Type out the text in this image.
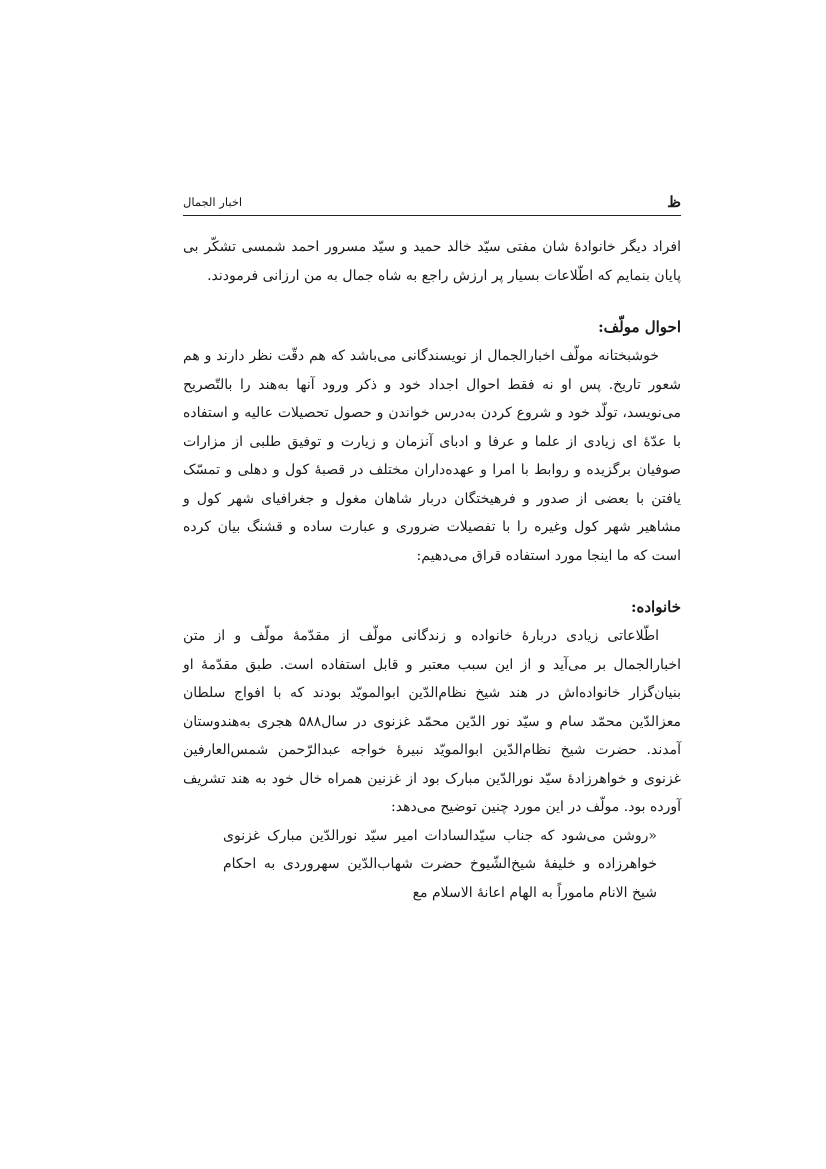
ظ
اخبار الجمال

افراد دیگر خانوادهٔ شان مفتی سیّد خالد حمید و سیّد مسرور احمد شمسی تشکّر بی پایان بنمایم که اطّلاعات بسیار پر ارزش راجع به شاه جمال به من ارزانی فرمودند.

احوال مولّف:

خوشبختانه مولّف اخبارالجمال از نویسندگانی می‌باشد که هم دقّت نظر دارند و هم شعور تاریخ. پس او نه فقط احوال اجداد خود و ذکر ورود آنها به‌هند را بالتّصریح می‌نویسد، تولّد خود و شروع کردن به‌درس خواندن و حصول تحصیلات عالیه و استفاده با عدّهٔ ای زیادی از علما و عرفا و ادبای آنزمان و زیارت و توفیق طلبی از مزارات صوفیان برگزیده و روابط با امرا و عهده‌داران مختلف در قصبهٔ کول و دهلی و تمسّک یافتن با بعضی از صدور و فرهیختگان دربار شاهان مغول و جغرافیای شهر کول و مشاهیر شهر کول وغیره را با تفصیلات ضروری و عبارت ساده و قشنگ بیان کرده است که ما اینجا مورد استفاده قراق می‌دهیم:

خانواده:

اطّلاعاتی زیادی دربارهٔ خانواده و زندگانی مولّف از مقدّمهٔ مولّف و از متن اخبارالجمال بر می‌آید و از این سبب معتبر و قابل استفاده است. طبق مقدّمهٔ او بنیان‌گزار خانواده‌اش در هند شیخ نظام‌الدّین ابوالمویّد بودند که با افواج سلطان معزالدّین محمّد سام و سیّد نور الدّین محمّد غزنوی در سال۵۸۸ هجری به‌هندوستان آمدند. حضرت شیخ نظام‌الدّین ابوالمویّد نبیرهٔ خواجه عبدالرّحمن شمس‌العارفین غزنوی و خواهرزادهٔ سیّد نورالدّین مبارک بود از غزنین همراه خال خود به هند تشریف آورده بود. مولّف در این مورد چنین توضیح می‌دهد:

«روشن می‌شود که جناب سیّدالسادات امیر سیّد نورالدّین مبارک غزنوی خواهرزاده و خلیفهٔ شیخ‌الشّیوخ حضرت شهاب‌الدّین سهروردی به احکام شیخ الانام ماموراً به الهام اعانهٔ الاسلام مع
